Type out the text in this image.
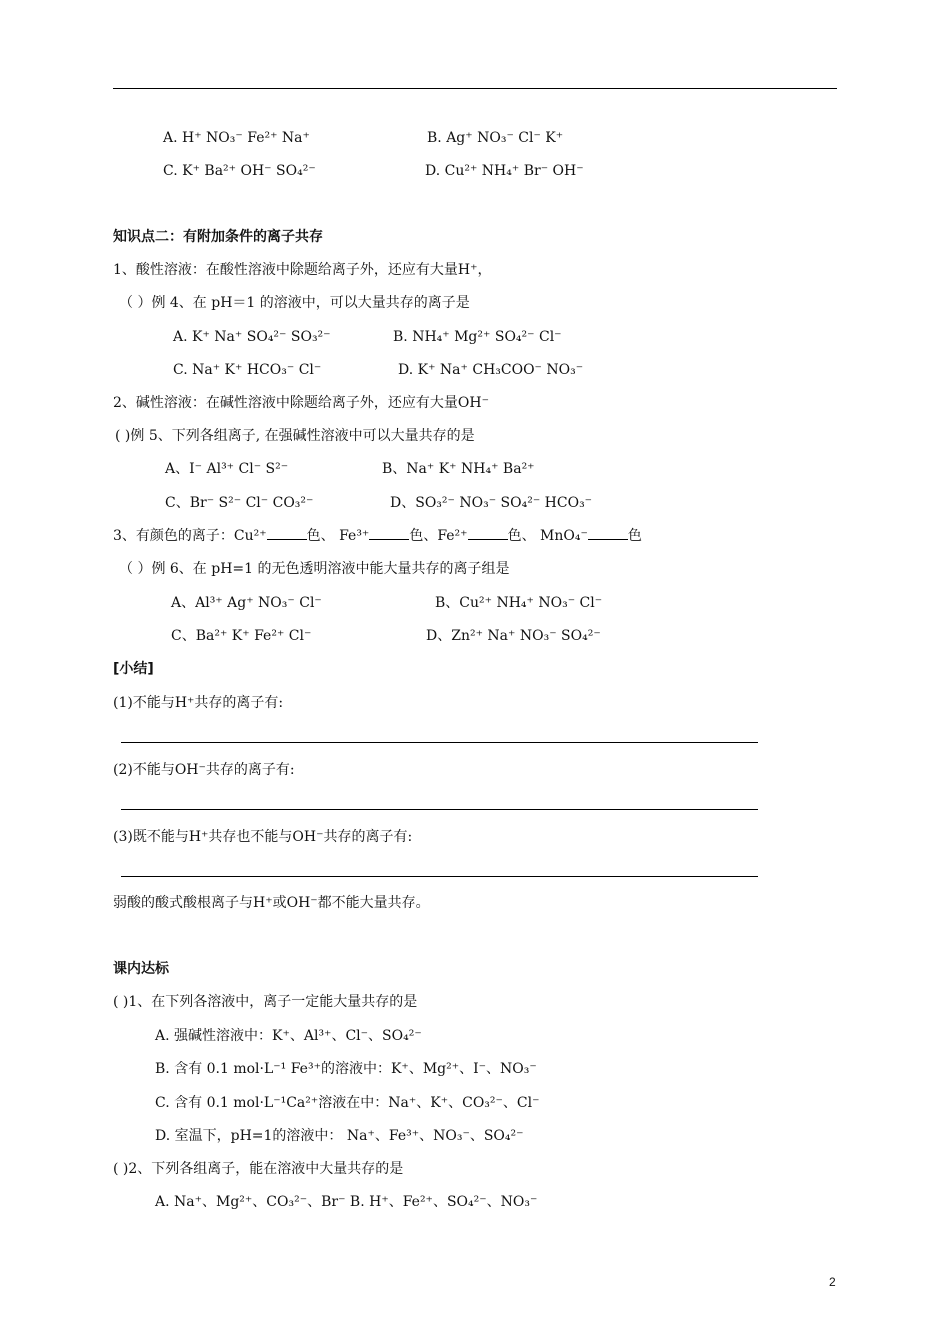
A. H⁺ NO₃⁻ Fe²⁺ Na⁺	B. Ag⁺ NO₃⁻ Cl⁻ K⁺
C. K⁺ Ba²⁺ OH⁻ SO₄²⁻	D. Cu²⁺ NH₄⁺ Br⁻ OH⁻
知识点二：有附加条件的离子共存
1、酸性溶液：在酸性溶液中除题给离子外，还应有大量H⁺，
（ ）例 4、在 pH＝1 的溶液中，可以大量共存的离子是
A. K⁺ Na⁺ SO₄²⁻ SO₃²⁻	B. NH₄⁺ Mg²⁺ SO₄²⁻ Cl⁻
C. Na⁺ K⁺ HCO₃⁻ Cl⁻	D. K⁺ Na⁺ CH₃COO⁻ NO₃⁻
2、碱性溶液：在碱性溶液中除题给离子外，还应有大量OH⁻
( )例 5、下列各组离子, 在强碱性溶液中可以大量共存的是
A、I⁻ Al³⁺ Cl⁻ S²⁻	B、Na⁺ K⁺ NH₄⁺ Ba²⁺
C、Br⁻ S²⁻ Cl⁻ CO₃²⁻	D、SO₃²⁻ NO₃⁻ SO₄²⁻ HCO₃⁻
3、有颜色的离子：Cu²⁺	色、 Fe³⁺	色、Fe²⁺	色、 MnO₄⁻	色
（ ）例 6、在 pH=1 的无色透明溶液中能大量共存的离子组是
A、Al³⁺ Ag⁺ NO₃⁻ Cl⁻	B、Cu²⁺ NH₄⁺ NO₃⁻ Cl⁻
C、Ba²⁺ K⁺ Fe²⁺ Cl⁻	D、Zn²⁺ Na⁺ NO₃⁻ SO₄²⁻
[小结]
(1)不能与H⁺共存的离子有:
(2)不能与OH⁻共存的离子有:
(3)既不能与H⁺共存也不能与OH⁻共存的离子有:
弱酸的酸式酸根离子与H⁺或OH⁻都不能大量共存。
课内达标
( )1、在下列各溶液中，离子一定能大量共存的是
A. 强碱性溶液中：K⁺、Al³⁺、Cl⁻、SO₄²⁻
B. 含有 0.1 mol·L⁻¹ Fe³⁺的溶液中：K⁺、Mg²⁺、I⁻、NO₃⁻
C. 含有 0.1 mol·L⁻¹Ca²⁺溶液在中：Na⁺、K⁺、CO₃²⁻、Cl⁻
D. 室温下，pH=1的溶液中： Na⁺、Fe³⁺、NO₃⁻、SO₄²⁻
( )2、下列各组离子，能在溶液中大量共存的是
A. Na⁺、Mg²⁺、CO₃²⁻、Br⁻ B. H⁺、Fe²⁺、SO₄²⁻、NO₃⁻
2
